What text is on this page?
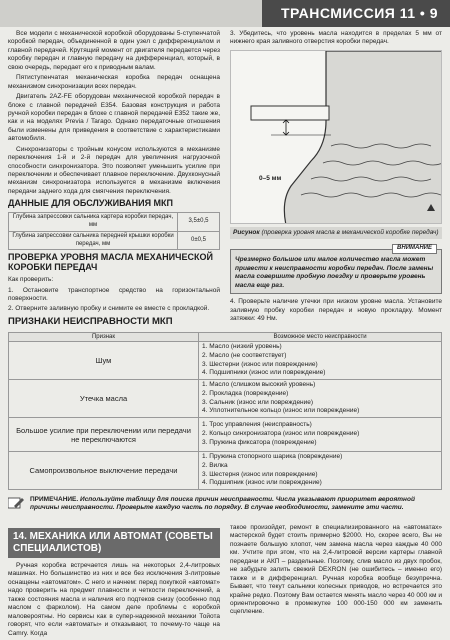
ТРАНСМИССИЯ 11 • 9

Все модели с механической коробкой оборудованы 5-ступенчатой коробкой передач, объединенной в один узел с дифференциалом и главной передачей. Крутящий момент от двигателя передается через коробку передач и главную передачу на дифференциал, который, в свою очередь, передает его к приводным валам.

Пятиступенчатая механическая коробка передач оснащена механизмом синхронизации всех передач.

Двигатель 2AZ-FE оборудован механической коробкой передач в блоке с главной передачей E354. Базовая конструкция и работа ручной коробки передач в блоке с главной передачей E352 такие же, как и на моделях Previa / Tarago. Однако передаточные отношения были изменены для приведения в соответствие с характеристиками автомобиля.

Синхронизаторы с тройным конусом используются в механизме переключения 1-й и 2-й передач для увеличения нагрузочной способности синхронизатора. Это позволяет уменьшить усилие при переключении и обеспечивает плавное переключение. Двухконусный механизм синхронизатора используется в механизме включения передачи заднего хода для смягчения переключения.

ДАННЫЕ ДЛЯ ОБСЛУЖИВАНИЯ МКП
Глубина запрессовки сальника картера коробки передач, мм	3,5±0,5
Глубина запрессовки сальника передней крышки коробки передач, мм	0±0,5
ПРОВЕРКА УРОВНЯ МАСЛА МЕХАНИЧЕСКОЙ КОРОБКИ ПЕРЕДАЧ

Как проверить:

1. Остановите транспортное средство на горизонтальной поверхности.

2. Отверните заливную пробку и снимите ее вместе с прокладкой.

3. Убедитесь, что уровень масла находится в пределах 5 мм от нижнего края заливного отверстия коробки передач.

0–5 мм
Рисунок (проверка уровня масла в механической коробке передач)
ВНИМАНИЕ
Чрезмерно большое или малое количество масла может привести к неисправности коробки передач. После замены масла совершите пробную поездку и проверьте уровень масла еще раз.

4. Проверьте наличие утечки при низком уровне масла. Установите заливную пробку коробки передач и новую прокладку. Момент затяжки: 49 Нм.

ПРИЗНАКИ НЕИСПРАВНОСТИ МКП
Признак	Возможное место неисправности
Шум	1. Масло (низкий уровень)
2. Масло (не соответствует)
3. Шестерни (износ или повреждение)
4. Подшипники (износ или повреждение)

Утечка масла	1. Масло (слишком высокий уровень)
2. Прокладка (повреждение)
3. Сальник (износ или повреждение)
4. Уплотнительное кольцо (износ или повреждение)

Большое усилие при переключении или передачи не переключаются	1. Трос управления (неисправность)
2. Кольцо синхронизатора (износ или повреждение)
3. Пружина фиксатора (повреждение)

Самопроизвольное выключение передачи	1. Пружина стопорного шарика (повреждение)
2. Вилка
3. Шестерня (износ или повреждение)
4. Подшипник (износ или повреждение)
ПРИМЕЧАНИЕ. Используйте таблицу для поиска причин неисправности. Числа указывают приоритет вероятной причины неисправности. Проверьте каждую часть по порядку. В случае необходимости, замените эти части.
14. МЕХАНИКА ИЛИ АВТОМАТ (СОВЕТЫ СПЕЦИАЛИСТОВ)

Ручная коробка встречается лишь на некоторых 2,4-литровых машинах. Но большинство из них и все без исключения 3-литровые оснащены «автоматом». С него и начнем: перед покупкой «автомат» надо проверить на предмет плавности и четкости переключений, а также состояния масла и наличия его подтеков снизу (особенно под маслом с фарколом). На самом деле проблемы с коробкой маловероятны. Но сервисы как в супер-надежной механики Тойота говорят, что если «автоматы» и отказывают, то почему-то чаще на Camry. Когда

такое произойдет, ремонт в специализированного на «автоматах» мастерской будет стоить примерно $2000. Но, скорее всего, Вы не познаете большую хлопот, чем замена масла через каждые 40 000 км. Учтите при этом, что на 2,4-литровой версии картеры главной передачи и АКП – раздельные. Поэтому, слив масло из двух пробок, не забудьте залить свежий DEXRON (не ошибитесь – именно его) также и в дифференциал. Ручная коробка вообще безупречна. Бывает, что текут сальники колесных приводов, но встречается это крайне редко. Поэтому Вам остается менять масло через 40 000 км и ориентировочно в промежутке 100 000-150 000 км заменить сцепление.
